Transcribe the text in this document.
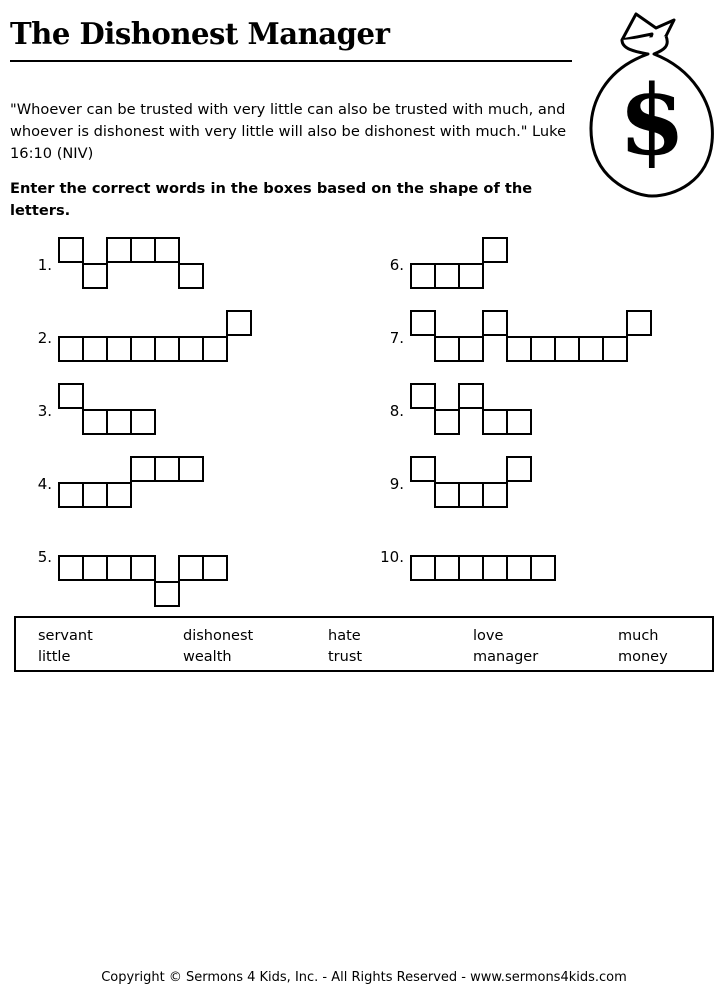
The Dishonest Manager
$
"Whoever can be trusted with very little can also be trusted with much, and whoever is dishonest with very little will also be dishonest with much." Luke 16:10 (NIV)
Enter the correct words in the boxes based on the shape of the letters.
1.
2.
3.
4.
5.
6.
7.
8.
9.
10.
servant	dishonest	hate	love	much
little	wealth	trust	manager	money
Copyright © Sermons 4 Kids, Inc. - All Rights Reserved - www.sermons4kids.com
